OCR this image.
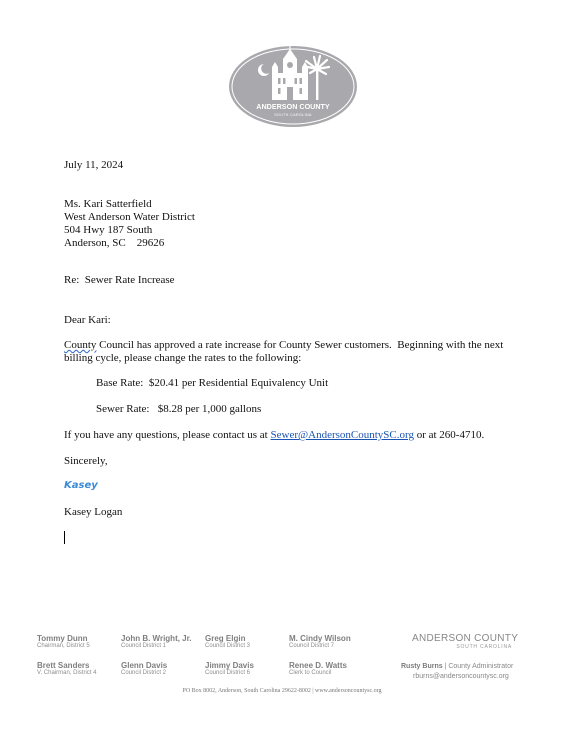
ANDERSON COUNTY
SOUTH CAROLINA
July 11, 2024
Ms. Kari Satterfield
West Anderson Water District
504 Hwy 187 South
Anderson, SC    29626
Re:  Sewer Rate Increase
Dear Kari:
County Council has approved a rate increase for County Sewer customers.  Beginning with the next billing cycle, please change the rates to the following:
Base Rate:  $20.41 per Residential Equivalency Unit
Sewer Rate:   $8.28 per 1,000 gallons
If you have any questions, please contact us at Sewer@AndersonCountySC.org or at 260-4710.
Sincerely,
Kasey
Kasey Logan
Tommy Dunn
Chairman, District 5
John B. Wright, Jr.
Council District 1
Greg Elgin
Council District 3
M. Cindy Wilson
Council District 7
Brett Sanders
V. Chairman, District 4
Glenn Davis
Council District 2
Jimmy Davis
Council District 6
Renee D. Watts
Clerk to Council
ANDERSON COUNTY
SOUTH CAROLINA
Rusty Burns | County Administrator
rburns@andersoncountysc.org
PO Box 8002, Anderson, South Carolina 29622-8002 | www.andersoncountysc.org
